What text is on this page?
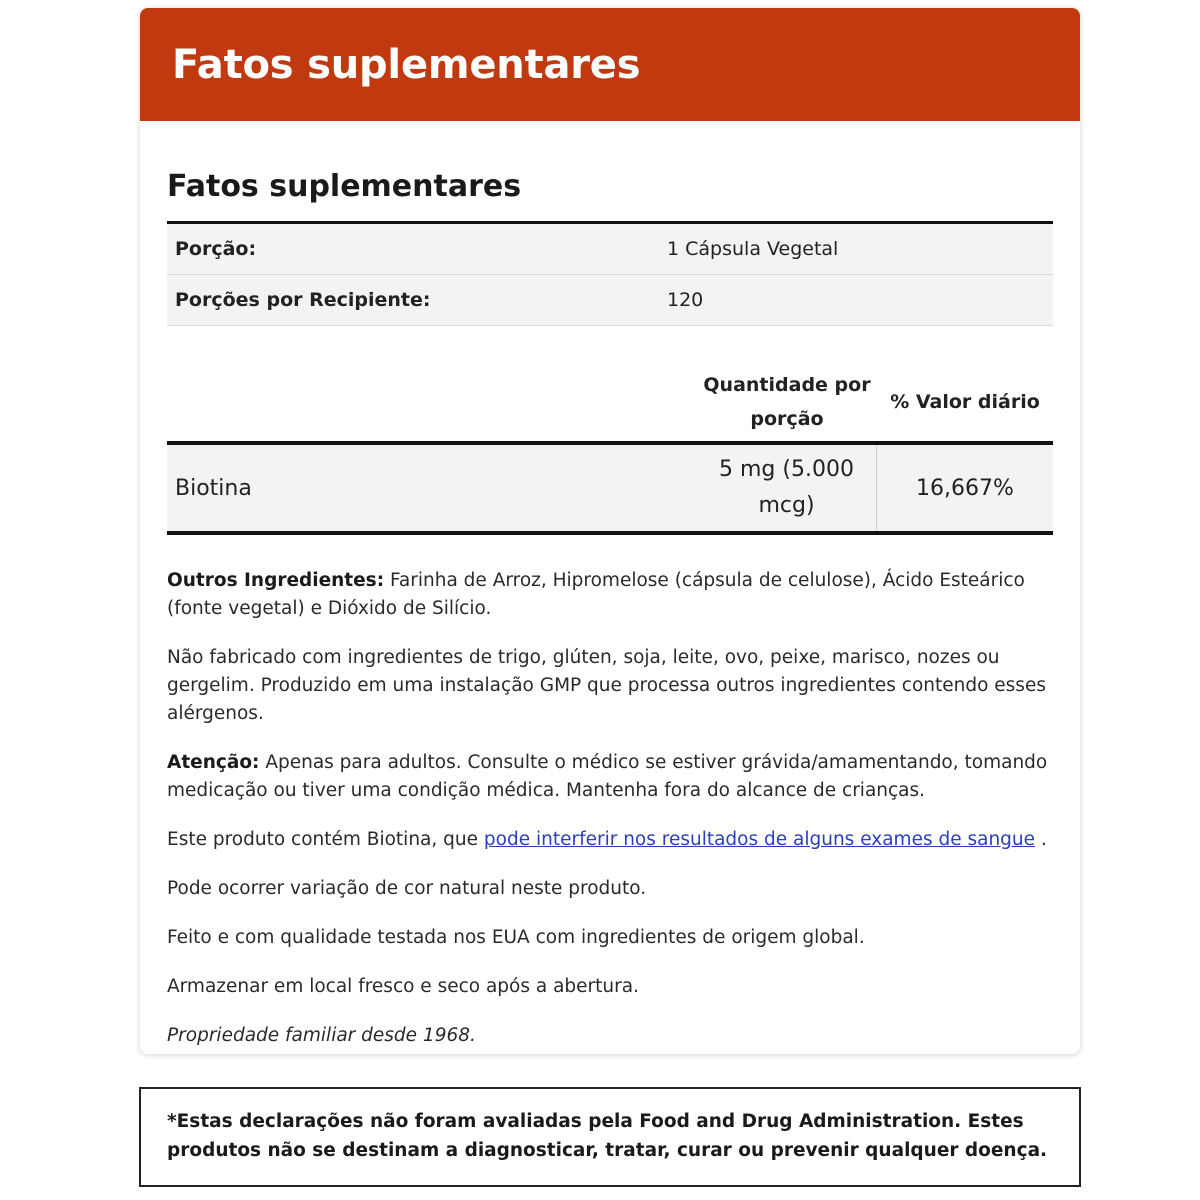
Fatos suplementares
Fatos suplementares
Porção:	1 Cápsula Vegetal
Porções por Recipiente:	120
Quantidade por porção
% Valor diário
Biotina
5 mg (5.000 mcg)
16,667%

Outros Ingredientes: Farinha de Arroz, Hipromelose (cápsula de celulose), Ácido Esteárico (fonte vegetal) e Dióxido de Silício.

Não fabricado com ingredientes de trigo, glúten, soja, leite, ovo, peixe, marisco, nozes ou gergelim. Produzido em uma instalação GMP que processa outros ingredientes contendo esses alérgenos.

Atenção: Apenas para adultos. Consulte o médico se estiver grávida/amamentando, tomando medicação ou tiver uma condição médica. Mantenha fora do alcance de crianças.

Este produto contém Biotina, que pode interferir nos resultados de alguns exames de sangue .

Pode ocorrer variação de cor natural neste produto.

Feito e com qualidade testada nos EUA com ingredientes de origem global.

Armazenar em local fresco e seco após a abertura.

Propriedade familiar desde 1968.

*Estas declarações não foram avaliadas pela Food and Drug Administration. Estes produtos não se destinam a diagnosticar, tratar, curar ou prevenir qualquer doença.
